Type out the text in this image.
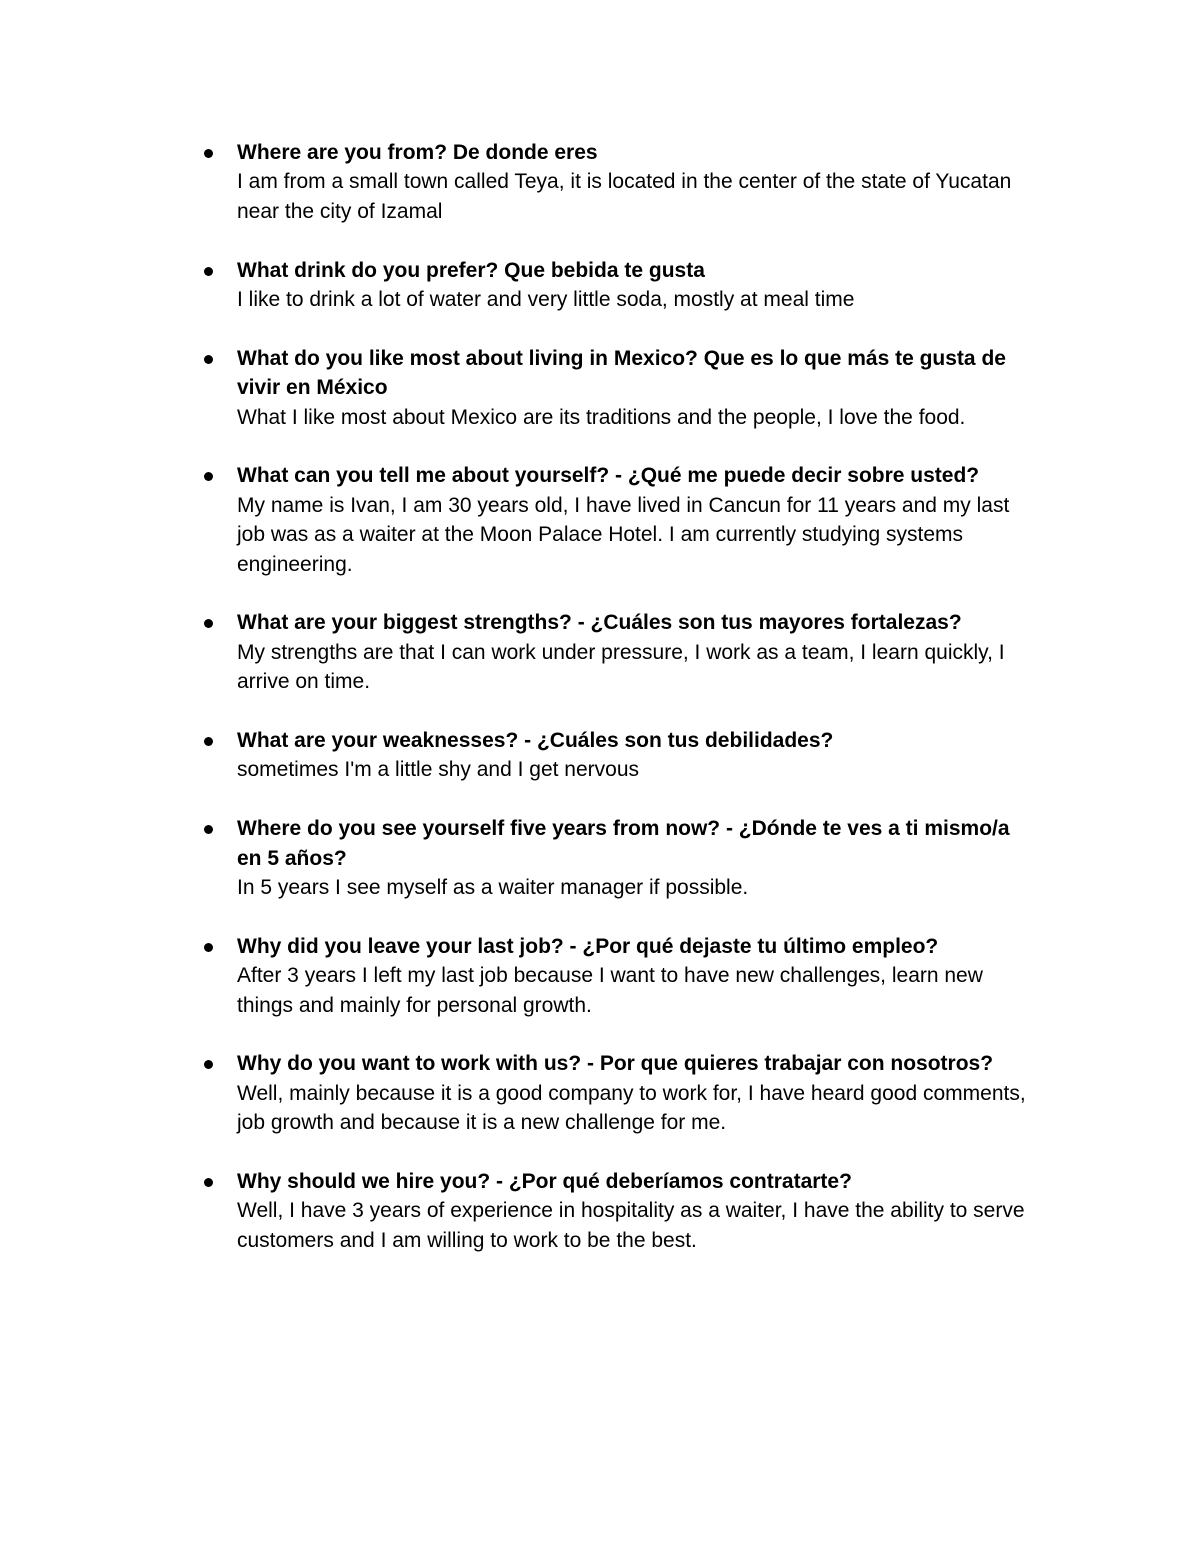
Where are you from? De donde eres
I am from a small town called Teya, it is located in the center of the state of Yucatan near the city of Izamal
What drink do you prefer? Que bebida te gusta
I like to drink a lot of water and very little soda, mostly at meal time
What do you like most about living in Mexico? Que es lo que más te gusta de vivir en México
What I like most about Mexico are its traditions and the people, I love the food.
What can you tell me about yourself? - ¿Qué me puede decir sobre usted?
My name is Ivan, I am 30 years old, I have lived in Cancun for 11 years and my last job was as a waiter at the Moon Palace Hotel. I am currently studying systems engineering.
What are your biggest strengths? - ¿Cuáles son tus mayores fortalezas?
My strengths are that I can work under pressure, I work as a team, I learn quickly, I arrive on time.
What are your weaknesses? - ¿Cuáles son tus debilidades?
sometimes I'm a little shy and I get nervous
Where do you see yourself five years from now? - ¿Dónde te ves a ti mismo/a en 5 años?
In 5 years I see myself as a waiter manager if possible.
Why did you leave your last job? - ¿Por qué dejaste tu último empleo?
After 3 years I left my last job because I want to have new challenges, learn new things and mainly for personal growth.
Why do you want to work with us? - Por que quieres trabajar con nosotros?
Well, mainly because it is a good company to work for, I have heard good comments, job growth and because it is a new challenge for me.
Why should we hire you? - ¿Por qué deberíamos contratarte?
Well, I have 3 years of experience in hospitality as a waiter, I have the ability to serve customers and I am willing to work to be the best.
